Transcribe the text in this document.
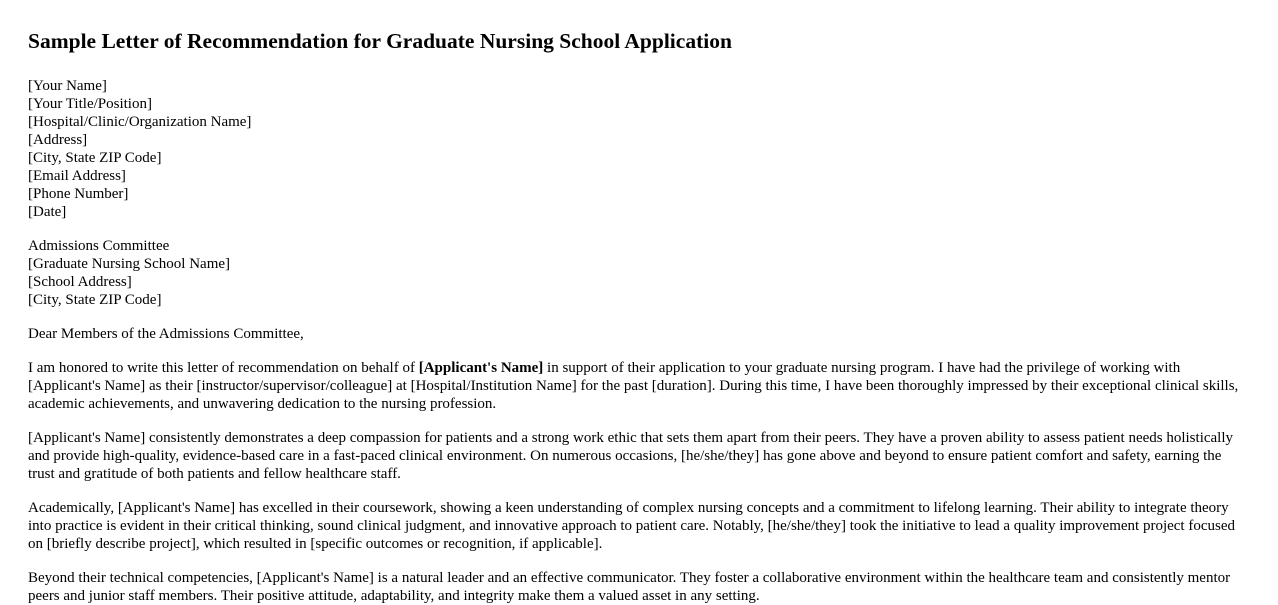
Sample Letter of Recommendation for Graduate Nursing School Application
[Your Name]
[Your Title/Position]
[Hospital/Clinic/Organization Name]
[Address]
[City, State ZIP Code]
[Email Address]
[Phone Number]
[Date]
Admissions Committee
[Graduate Nursing School Name]
[School Address]
[City, State ZIP Code]

Dear Members of the Admissions Committee,

I am honored to write this letter of recommendation on behalf of [Applicant's Name] in support of their application to your graduate nursing program. I have had the privilege of working with [Applicant's Name] as their [instructor/supervisor/colleague] at [Hospital/Institution Name] for the past [duration]. During this time, I have been thoroughly impressed by their exceptional clinical skills, academic achievements, and unwavering dedication to the nursing profession.

[Applicant's Name] consistently demonstrates a deep compassion for patients and a strong work ethic that sets them apart from their peers. They have a proven ability to assess patient needs holistically and provide high-quality, evidence-based care in a fast-paced clinical environment. On numerous occasions, [he/she/they] has gone above and beyond to ensure patient comfort and safety, earning the trust and gratitude of both patients and fellow healthcare staff.

Academically, [Applicant's Name] has excelled in their coursework, showing a keen understanding of complex nursing concepts and a commitment to lifelong learning. Their ability to integrate theory into practice is evident in their critical thinking, sound clinical judgment, and innovative approach to patient care. Notably, [he/she/they] took the initiative to lead a quality improvement project focused on [briefly describe project], which resulted in [specific outcomes or recognition, if applicable].

Beyond their technical competencies, [Applicant's Name] is a natural leader and an effective communicator. They foster a collaborative environment within the healthcare team and consistently mentor peers and junior staff members. Their positive attitude, adaptability, and integrity make them a valued asset in any setting.
